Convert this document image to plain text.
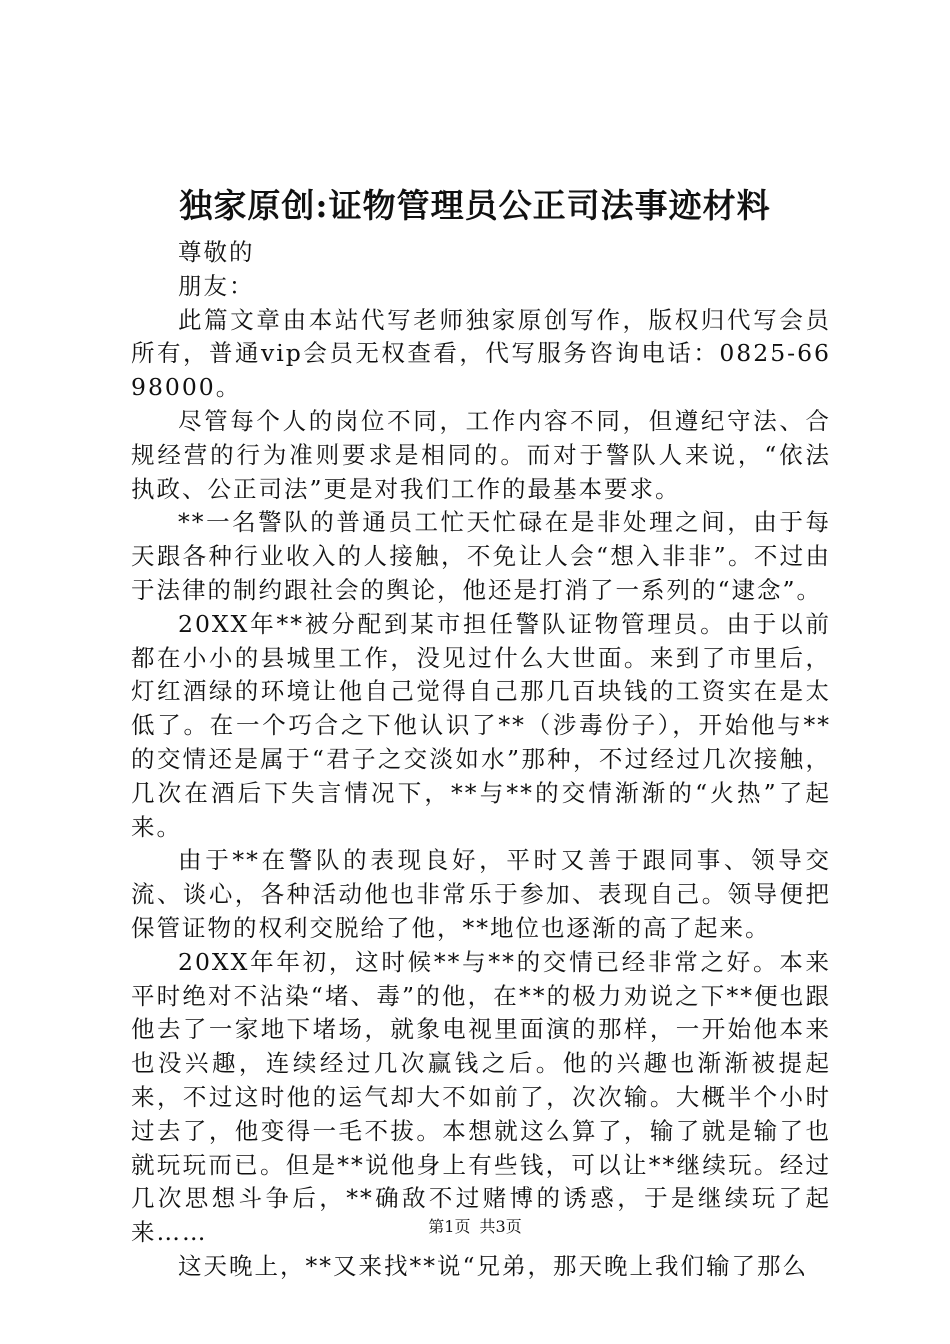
独家原创:证物管理员公正司法事迹材料

尊敬的

朋友：

此篇文章由本站代写老师独家原创写作，版权归代写会员所有，普通vip会员无权查看，代写服务咨询电话：0825-6698000。

尽管每个人的岗位不同，工作内容不同，但遵纪守法、合规经营的行为准则要求是相同的。而对于警队人来说，“依法执政、公正司法”更是对我们工作的最基本要求。

**一名警队的普通员工忙天忙碌在是非处理之间，由于每天跟各种行业收入的人接触，不免让人会“想入非非”。不过由于法律的制约跟社会的舆论，他还是打消了一系列的“逮念”。

20XX年**被分配到某市担任警队证物管理员。由于以前都在小小的县城里工作，没见过什么大世面。来到了市里后，灯红酒绿的环境让他自己觉得自己那几百块钱的工资实在是太低了。在一个巧合之下他认识了**（涉毒份子），开始他与**的交情还是属于“君子之交淡如水”那种，不过经过几次接触，几次在酒后下失言情况下，**与**的交情渐渐的“火热”了起来。

由于**在警队的表现良好，平时又善于跟同事、领导交流、谈心，各种活动他也非常乐于参加、表现自己。领导便把保管证物的权利交脱给了他，**地位也逐渐的高了起来。

20XX年年初，这时候**与**的交情已经非常之好。本来平时绝对不沾染“堵、毒”的他，在**的极力劝说之下**便也跟他去了一家地下堵场，就象电视里面演的那样，一开始他本来也没兴趣，连续经过几次赢钱之后。他的兴趣也渐渐被提起来，不过这时他的运气却大不如前了，次次输。大概半个小时过去了，他变得一毛不拔。本想就这么算了，输了就是输了也就玩玩而已。但是**说他身上有些钱，可以让**继续玩。经过几次思想斗争后，**确敌不过赌博的诱惑，于是继续玩了起来……

这天晚上，**又来找**说“兄弟，那天晚上我们输了那么

第1页 共3页
